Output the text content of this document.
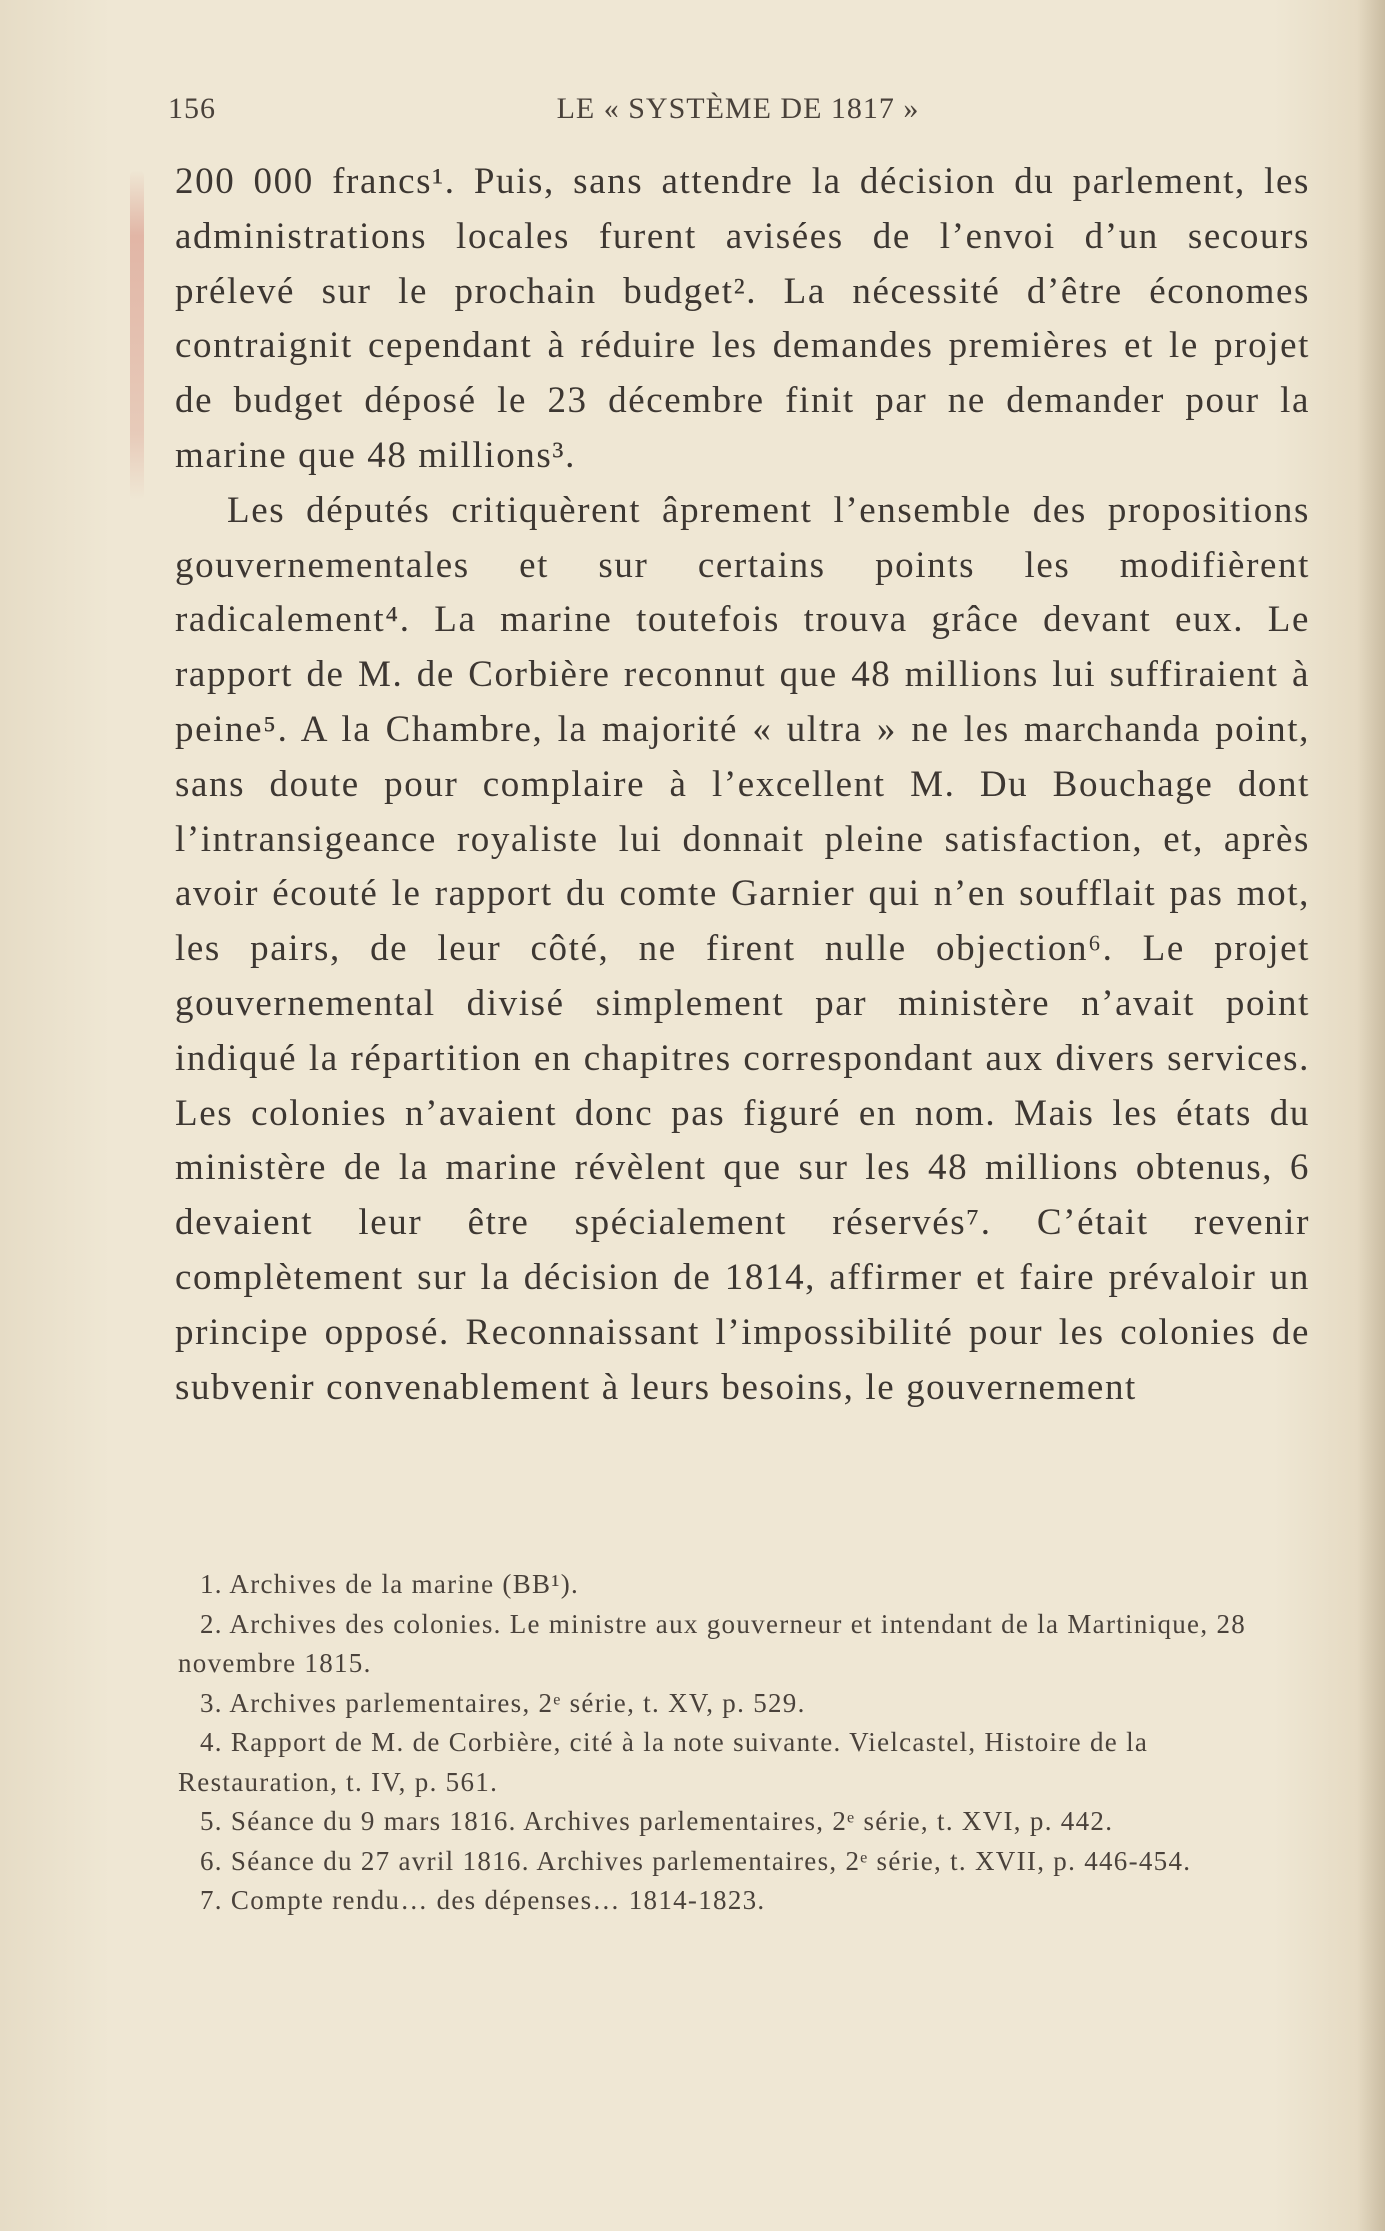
156	LE « SYSTÈME DE 1817 »

200 000 francs¹. Puis, sans attendre la décision du parlement, les administrations locales furent avisées de l’envoi d’un secours prélevé sur le prochain budget². La nécessité d’être économes contraignit cependant à réduire les demandes premières et le projet de budget déposé le 23 décembre finit par ne demander pour la marine que 48 millions³.

Les députés critiquèrent âprement l’ensemble des propositions gouvernementales et sur certains points les modifièrent radicalement⁴. La marine toutefois trouva grâce devant eux. Le rapport de M. de Corbière reconnut que 48 millions lui suffiraient à peine⁵. A la Chambre, la majorité « ultra » ne les marchanda point, sans doute pour complaire à l’excellent M. Du Bouchage dont l’intransigeance royaliste lui donnait pleine satisfaction, et, après avoir écouté le rapport du comte Garnier qui n’en soufflait pas mot, les pairs, de leur côté, ne firent nulle objection⁶. Le projet gouvernemental divisé simplement par ministère n’avait point indiqué la répartition en chapitres correspondant aux divers services. Les colonies n’avaient donc pas figuré en nom. Mais les états du ministère de la marine révèlent que sur les 48 millions obtenus, 6 devaient leur être spécialement réservés⁷. C’était revenir complètement sur la décision de 1814, affirmer et faire prévaloir un principe opposé. Reconnaissant l’impossibilité pour les colonies de subvenir convenablement à leurs besoins, le gouvernement

1. Archives de la marine (BB¹).

2. Archives des colonies. Le ministre aux gouverneur et intendant de la Martinique, 28 novembre 1815.

3. Archives parlementaires, 2ᵉ série, t. XV, p. 529.

4. Rapport de M. de Corbière, cité à la note suivante. Vielcastel, Histoire de la Restauration, t. IV, p. 561.

5. Séance du 9 mars 1816. Archives parlementaires, 2ᵉ série, t. XVI, p. 442.

6. Séance du 27 avril 1816. Archives parlementaires, 2ᵉ série, t. XVII, p. 446-454.

7. Compte rendu… des dépenses… 1814-1823.
